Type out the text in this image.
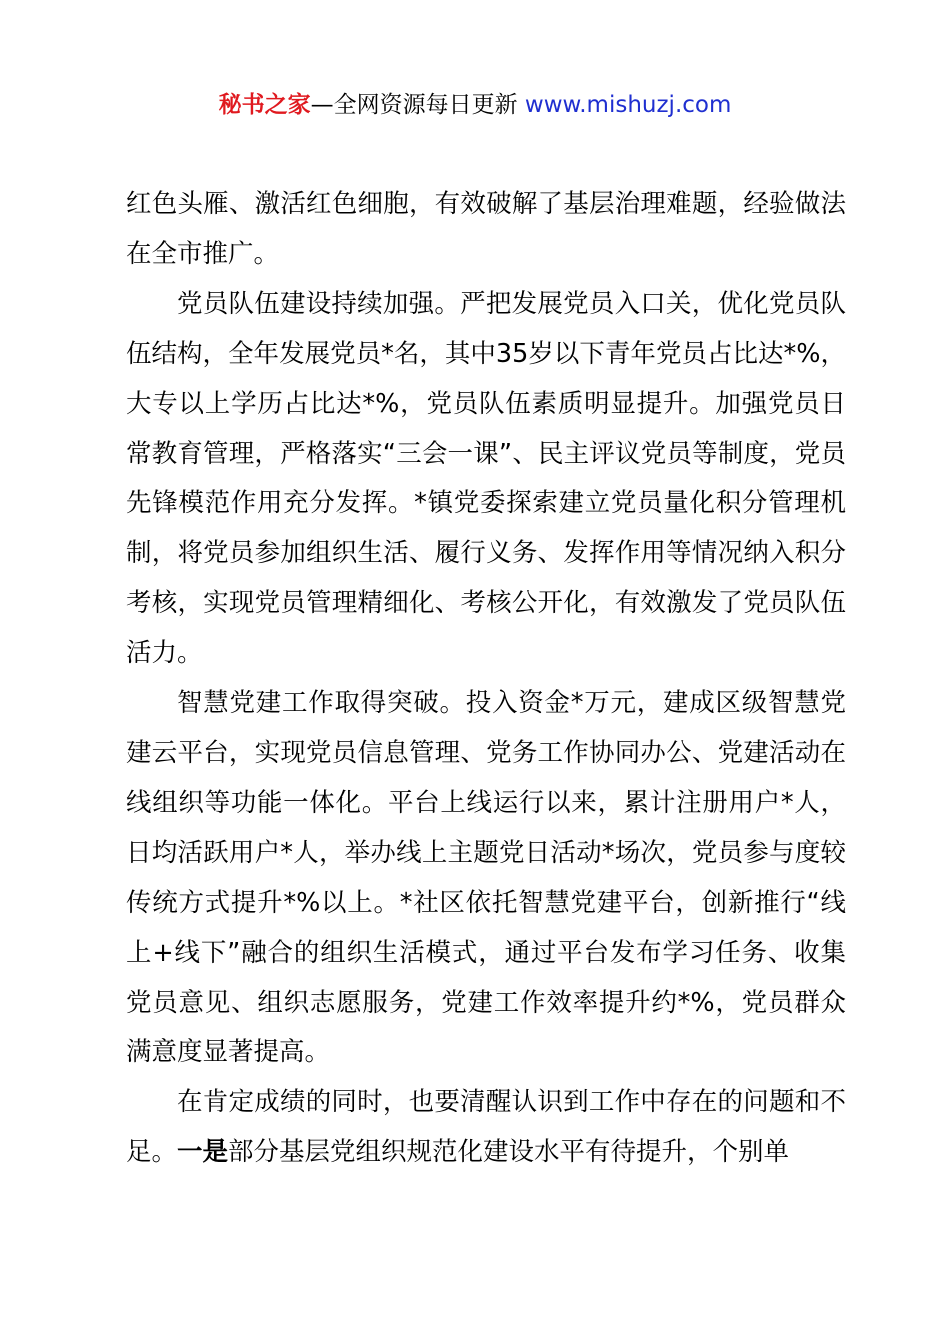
秘书之家—全网资源每日更新 www.mishuzj.com

红色头雁、激活红色细胞，有效破解了基层治理难题，经验做法在全市推广。

党员队伍建设持续加强。严把发展党员入口关，优化党员队伍结构，全年发展党员*名，其中35岁以下青年党员占比达*%，大专以上学历占比达*%，党员队伍素质明显提升。加强党员日常教育管理，严格落实“三会一课”、民主评议党员等制度，党员先锋模范作用充分发挥。*镇党委探索建立党员量化积分管理机制，将党员参加组织生活、履行义务、发挥作用等情况纳入积分考核，实现党员管理精细化、考核公开化，有效激发了党员队伍活力。

智慧党建工作取得突破。投入资金*万元，建成区级智慧党建云平台，实现党员信息管理、党务工作协同办公、党建活动在线组织等功能一体化。平台上线运行以来，累计注册用户*人，日均活跃用户*人，举办线上主题党日活动*场次，党员参与度较传统方式提升*%以上。*社区依托智慧党建平台，创新推行“线上+线下”融合的组织生活模式，通过平台发布学习任务、收集党员意见、组织志愿服务，党建工作效率提升约*%，党员群众满意度显著提高。

在肯定成绩的同时，也要清醒认识到工作中存在的问题和不足。一是部分基层党组织规范化建设水平有待提升，个别单
